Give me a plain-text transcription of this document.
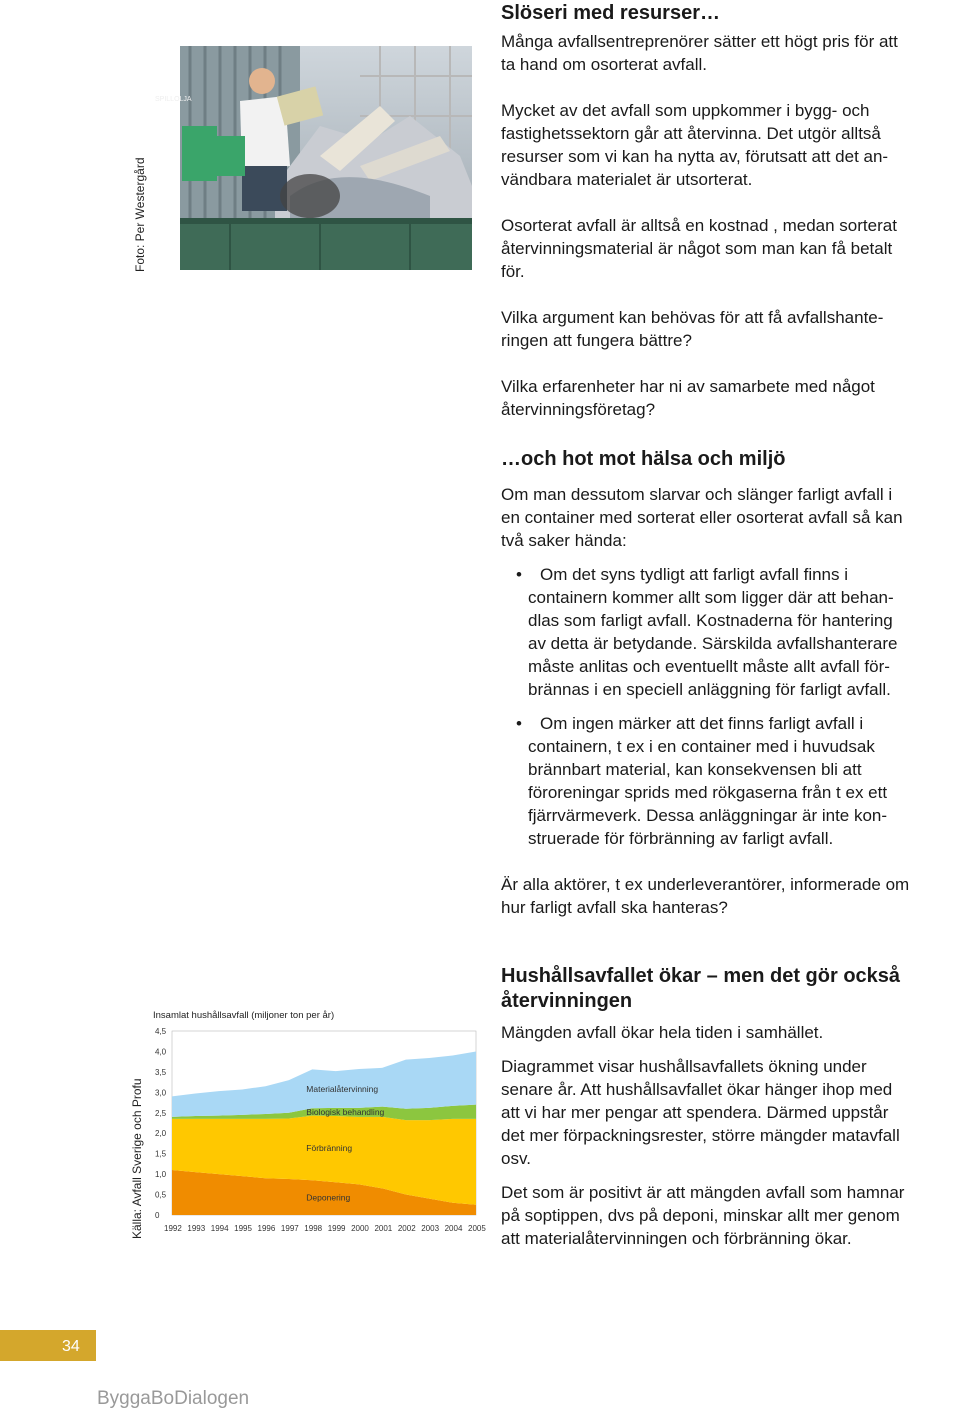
Foto: Per Westergård
SPILLOLJA
Slöseri med resurser…

Många avfallsentreprenörer sätter ett högt pris för att
ta hand om osorterat avfall.

Mycket av det avfall som uppkommer i bygg- och
fastighetssektorn går att återvinna. Det utgör alltså
resurser som vi kan ha nytta av, förutsatt att det an-
vändbara materialet är utsorterat.

Osorterat avfall är alltså en kostnad , medan sorterat
återvinningsmaterial är något som man kan få betalt
för.

Vilka argument kan behövas för att få avfallshante-
ringen att fungera bättre?

Vilka erfarenheter har ni av samarbete med något
återvinningsföretag?

…och hot mot hälsa och miljö

Om man dessutom slarvar och slänger farligt avfall i
en container med sorterat eller osorterat avfall så kan
två saker hända:

• Om det syns tydligt att farligt avfall finns i
containern kommer allt som ligger där att behan-
dlas som farligt avfall. Kostnaderna för hantering
av detta är betydande. Särskilda avfallshanterare
måste anlitas och eventuellt måste allt avfall för-
brännas i en speciell anläggning för farligt avfall.
• Om ingen märker att det finns farligt avfall i
containern, t ex i en container med i huvudsak
brännbart material, kan konsekvensen bli att
föroreningar sprids med rökgaserna från t ex ett
fjärrvärmeverk. Dessa anläggningar är inte kon-
struerade för förbränning av farligt avfall.

Är alla aktörer, t ex underleverantörer, informerade om
hur farligt avfall ska hanteras?

Hushållsavfallet ökar – men det gör också
återvinningen

Mängden avfall ökar hela tiden i samhället.

Diagrammet visar hushållsavfallets ökning under
senare år. Att hushållsavfallet ökar hänger ihop med
att vi har mer pengar att spendera. Därmed uppstår
det mer förpackningsrester, större mängder matavfall
osv.

Det som är positivt är att mängden avfall som hamnar
på soptippen, dvs på deponi, minskar allt mer genom
att materialåtervinningen och förbränning ökar.

Källa: Avfall Sverige och Profu
Insamlat hushållsavfall (miljoner ton per år)
Deponering
Förbränning
Biologisk behandling
Materialåtervinning
0
0,5
1,0
1,5
2,0
2,5
3,0
3,5
4,0
4,5
1992 1993 1994 1995 1996 1997 1998 1999 2000 2001 2002 2003 2004 2005
34
ByggaBoDialogen
